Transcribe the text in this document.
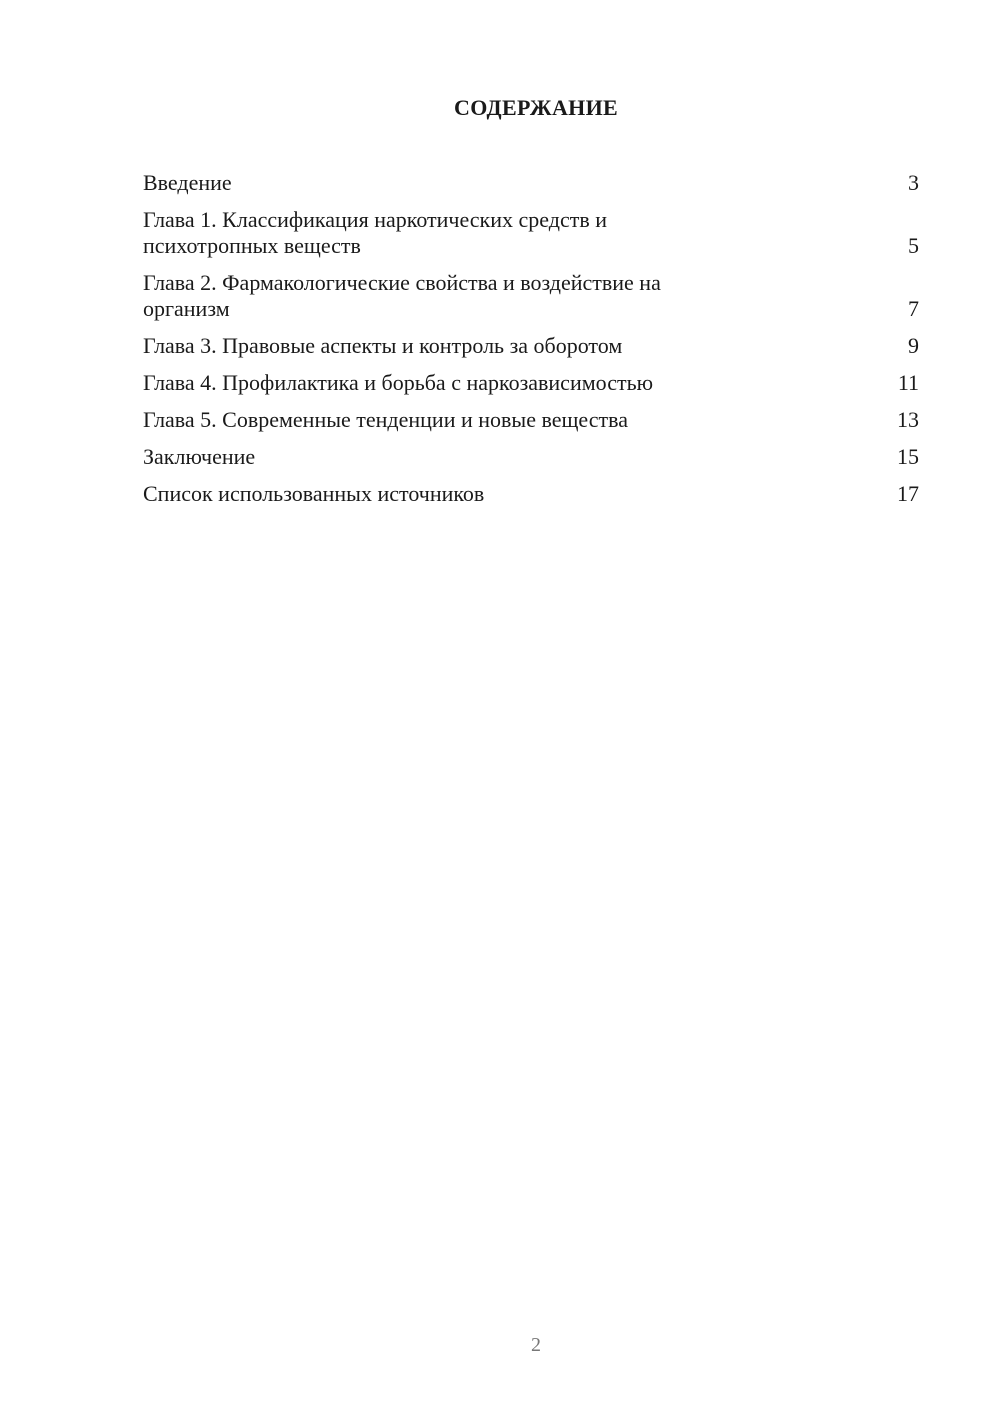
СОДЕРЖАНИЕ
Введение	3
Глава 1. Классификация наркотических средств и
психотропных веществ	5
Глава 2. Фармакологические свойства и воздействие на
организм	7
Глава 3. Правовые аспекты и контроль за оборотом	9
Глава 4. Профилактика и борьба с наркозависимостью	11
Глава 5. Современные тенденции и новые вещества	13
Заключение	15
Список использованных источников	17
2
